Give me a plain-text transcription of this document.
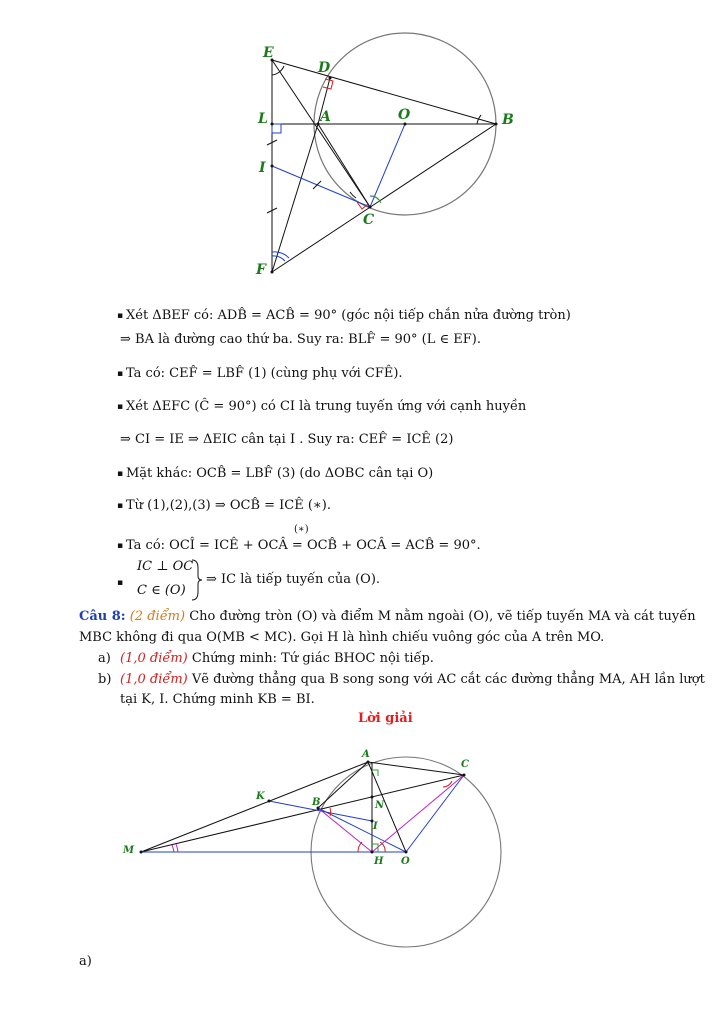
E
D
L	A	O	B
I
C
F
▪ Xét ΔBEF có: ADB̂ = ACB̂ = 90° (góc nội tiếp chắn nửa đường tròn)
⇒ BA là đường cao thứ ba. Suy ra: BLF̂ = 90° (L ∈ EF).
▪ Ta có: CEF̂ = LBF̂ (1) (cùng phụ với CFÊ).
▪ Xét ΔEFC (Ĉ = 90°) có CI là trung tuyến ứng với cạnh huyền
⇒ CI = IE ⇒ ΔEIC cân tại I . Suy ra: CEF̂ = ICÊ (2)
▪ Mặt khác: OCB̂ = LBF̂ (3) (do ΔOBC cân tại O)
▪ Từ (1),(2),(3) ⇒ OCB̂ = ICÊ (∗).
(∗)
▪ Ta có: OCÎ = ICÊ + OCÂ = OCB̂ + OCÂ = ACB̂ = 90°.
▪
IC ⊥ OC
C ∈ (O)
⇒ IC là tiếp tuyến của (O).
Câu 8: (2 điểm) Cho đường tròn (O) và điểm M nằm ngoài (O), vẽ tiếp tuyến MA và cát tuyến
MBC không đi qua O(MB < MC). Gọi H là hình chiếu vuông góc của A trên MO.
a) (1,0 điểm) Chứng minh: Tứ giác BHOC nội tiếp.
b) (1,0 điểm) Vẽ đường thẳng qua B song song với AC cắt các đường thẳng MA, AH lần lượt
tại K, I. Chứng minh KB = BI.
Lời giải
A
C
K
B	N
I
M
H O
a)
